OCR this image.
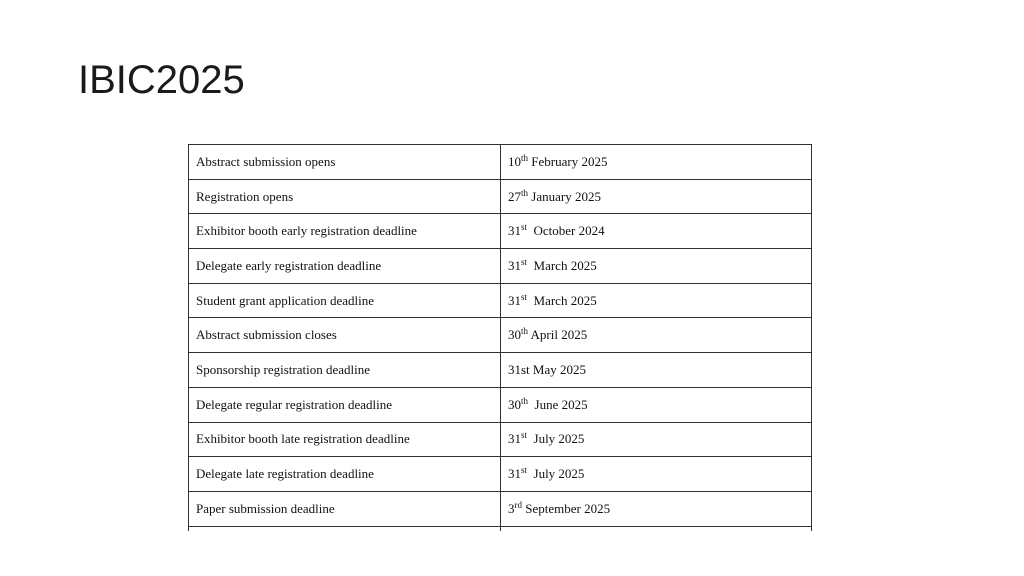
IBIC2025
Abstract submission opens	10th February 2025
Registration opens	27th January 2025
Exhibitor booth early registration deadline	31st  October 2024
Delegate early registration deadline	31st  March 2025
Student grant application deadline	31st  March 2025
Abstract submission closes	30th April 2025
Sponsorship registration deadline	31st May 2025
Delegate regular registration deadline	30th  June 2025
Exhibitor booth late registration deadline	31st  July 2025
Delegate late registration deadline	31st  July 2025
Paper submission deadline	3rd September 2025
